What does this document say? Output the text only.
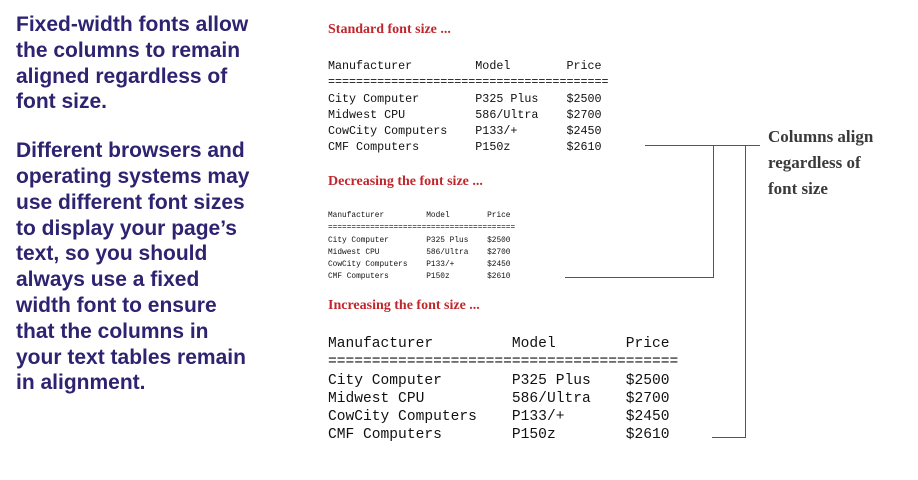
Fixed-width fonts allow the columns to remain aligned regardless of font size.

Different browsers and operating systems may use different font sizes to display your page’s text, so you should always use a fixed width font to ensure that the columns in your text tables remain in alignment.

Standard font size ...
Manufacturer         Model        Price
========================================
City Computer        P325 Plus    $2500
Midwest CPU          586/Ultra    $2700
CowCity Computers    P133/+       $2450
CMF Computers        P150z        $2610
Decreasing the font size ...
Manufacturer         Model        Price
========================================
City Computer        P325 Plus    $2500
Midwest CPU          586/Ultra    $2700
CowCity Computers    P133/+       $2450
CMF Computers        P150z        $2610
Increasing the font size ...
Manufacturer         Model        Price
========================================
City Computer        P325 Plus    $2500
Midwest CPU          586/Ultra    $2700
CowCity Computers    P133/+       $2450
CMF Computers        P150z        $2610
Columns align
regardless of
font size
